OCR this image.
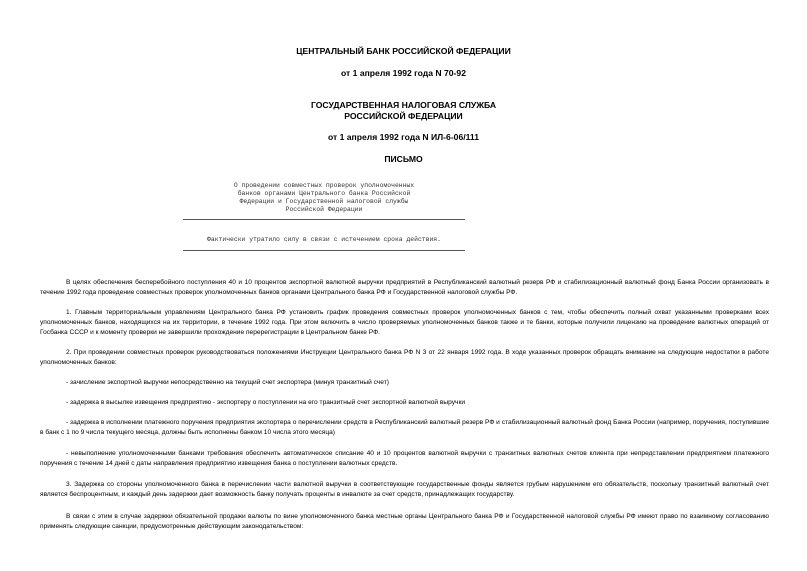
ЦЕНТРАЛЬНЫЙ БАНК РОССИЙСКОЙ ФЕДЕРАЦИИ
от 1 апреля 1992 года N 70-92
ГОСУДАРСТВЕННАЯ НАЛОГОВАЯ СЛУЖБА
РОССИЙСКОЙ ФЕДЕРАЦИИ
от 1 апреля 1992 года N ИЛ-6-06/111
ПИСЬМО
О проведении совместных проверок уполномоченных
банков органами Центрального банка Российской
Федерации и Государственной налоговой службы
Российской Федерации
Фактически утратило силу в связи с истечением срока действия.
В целях обеспечения бесперебойного поступления 40 и 10 процентов экспортной валютной выручки предприятий в Республиканский валютный резерв РФ и стабилизационный валютный фонд Банка России организовать в течение 1992 года проведение совместных проверок уполномоченных банков органами Центрального банка РФ и Государственной налоговой службы РФ.
1. Главным территориальным управлениям Центрального банка РФ установить график проведения совместных проверок уполномоченных банков с тем, чтобы обеспечить полный охват указанными проверками всех уполномоченных банков, находящихся на их территории, в течение 1992 года. При этом включить в число проверяемых уполномоченных банков также и те банки, которые получили лицензию на проведение валютных операций от Госбанка СССР и к моменту проверки не завершили прохождение перерегистрации в Центральном банке РФ.
2. При проведении совместных проверок руководствоваться положениями Инструкции Центрального банка РФ N 3 от 22 января 1992 года. В ходе указанных проверок обращать внимание на следующие недостатки в работе уполномоченных банков:
- зачисление экспортной выручки непосредственно на текущий счет экспортера (минуя транзитный счет)
- задержка в высылке извещения предприятию - экспортеру о поступлении на его транзитный счет экспортной валютной выручки
- задержка в исполнении платежного поручения предприятия экспортера о перечислении средств в Республиканский валютный резерв РФ и стабилизационный валютный фонд Банка России (например, поручения, поступившие в банк с 1 по 9 числа текущего месяца, должны быть исполнены банком 10 числа этого месяца)
- невыполнение уполномоченными банками требования обеспечить автоматическое списание 40 и 10 процентов валютной выручки с транзитных валютных счетов клиента при непредставлении предприятием платежного поручения с течение 14 дней с даты направления предприятию извещения банка о поступлении валютных средств.
3. Задержка со стороны уполномоченного банка в перечислении части валютной выручки в соответствующие государственные фонды является грубым нарушением его обязательств, поскольку транзитный валютный счет является беспроцентным, и каждый день задержки дает возможность банку получать проценты в инвалюте за счет средств, принадлежащих государству.
В связи с этим в случае задержки обязательной продажи валюты по вине уполномоченного банка местные органы Центрального банка РФ и Государственной налоговой службы РФ имеют право по взаимному согласованию применять следующие санкции, предусмотренные действующим законодательством:
